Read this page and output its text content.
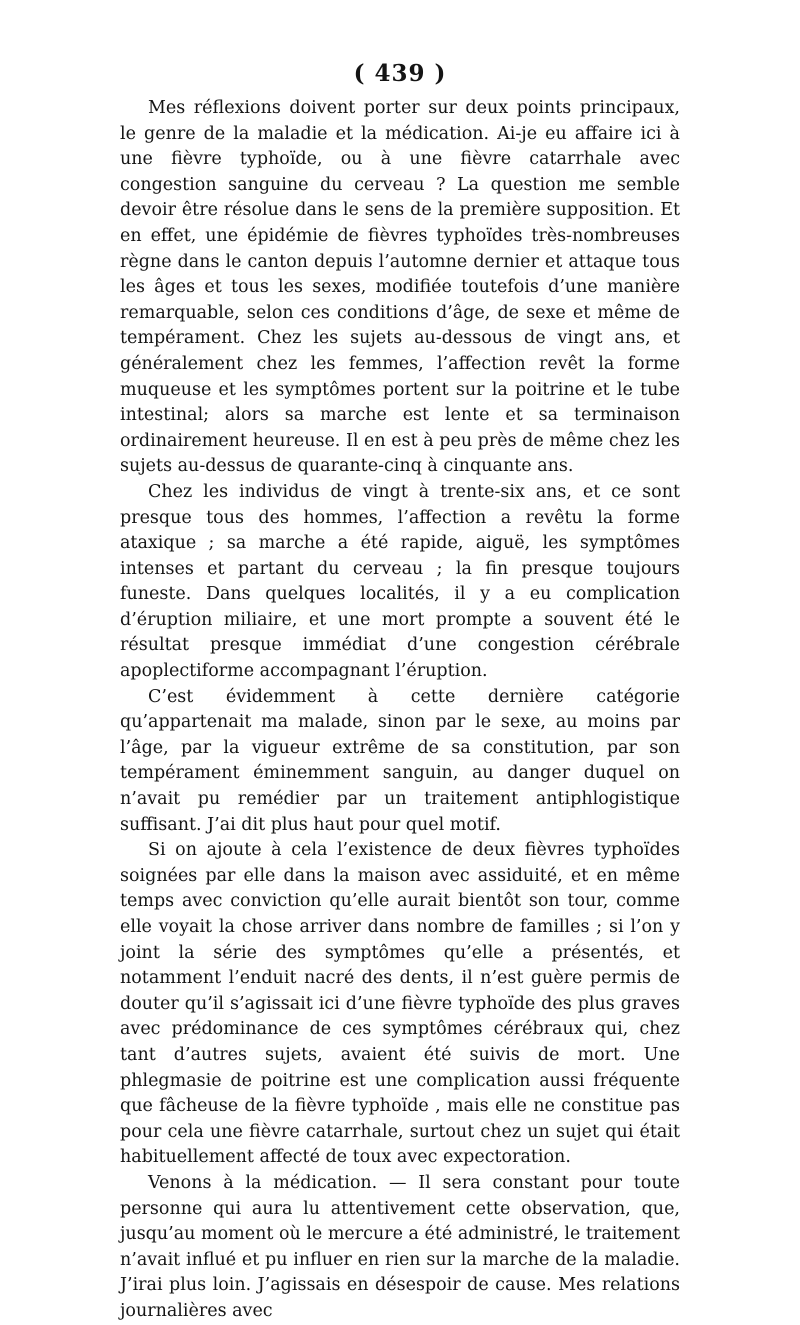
( 439 )

Mes réflexions doivent porter sur deux points principaux, le genre de la maladie et la médication. Ai-je eu affaire ici à une fièvre typhoïde, ou à une fièvre catarrhale avec congestion sanguine du cerveau ? La question me semble devoir être résolue dans le sens de la première supposition. Et en effet, une épidémie de fièvres typhoïdes très-nombreuses règne dans le canton depuis l’automne dernier et attaque tous les âges et tous les sexes, modifiée toutefois d’une manière remarquable, selon ces conditions d’âge, de sexe et même de tempérament. Chez les sujets au-dessous de vingt ans, et généralement chez les femmes, l’affection revêt la forme muqueuse et les symptômes portent sur la poitrine et le tube intestinal; alors sa marche est lente et sa terminaison ordinairement heureuse. Il en est à peu près de même chez les sujets au-dessus de quarante-cinq à cinquante ans.

Chez les individus de vingt à trente-six ans, et ce sont presque tous des hommes, l’affection a revêtu la forme ataxique ; sa marche a été rapide, aiguë, les symptômes intenses et partant du cerveau ; la fin presque toujours funeste. Dans quelques localités, il y a eu complication d’éruption miliaire, et une mort prompte a souvent été le résultat presque immédiat d’une congestion cérébrale apoplectiforme accompagnant l’éruption.

C’est évidemment à cette dernière catégorie qu’appartenait ma malade, sinon par le sexe, au moins par l’âge, par la vigueur extrême de sa constitution, par son tempérament éminemment sanguin, au danger duquel on n’avait pu remédier par un traitement antiphlogistique suffisant. J’ai dit plus haut pour quel motif.

Si on ajoute à cela l’existence de deux fièvres typhoïdes soignées par elle dans la maison avec assiduité, et en même temps avec conviction qu’elle aurait bientôt son tour, comme elle voyait la chose arriver dans nombre de familles ; si l’on y joint la série des symptômes qu’elle a présentés, et notamment l’enduit nacré des dents, il n’est guère permis de douter qu’il s’agissait ici d’une fièvre typhoïde des plus graves avec prédominance de ces symptômes cérébraux qui, chez tant d’autres sujets, avaient été suivis de mort. Une phlegmasie de poitrine est une complication aussi fréquente que fâcheuse de la fièvre typhoïde , mais elle ne constitue pas pour cela une fièvre catarrhale, surtout chez un sujet qui était habituellement affecté de toux avec expectoration.

Venons à la médication. — Il sera constant pour toute personne qui aura lu attentivement cette observation, que, jusqu’au moment où le mercure a été administré, le traitement n’avait influé et pu influer en rien sur la marche de la maladie. J’irai plus loin. J’agissais en désespoir de cause. Mes relations journalières avec
